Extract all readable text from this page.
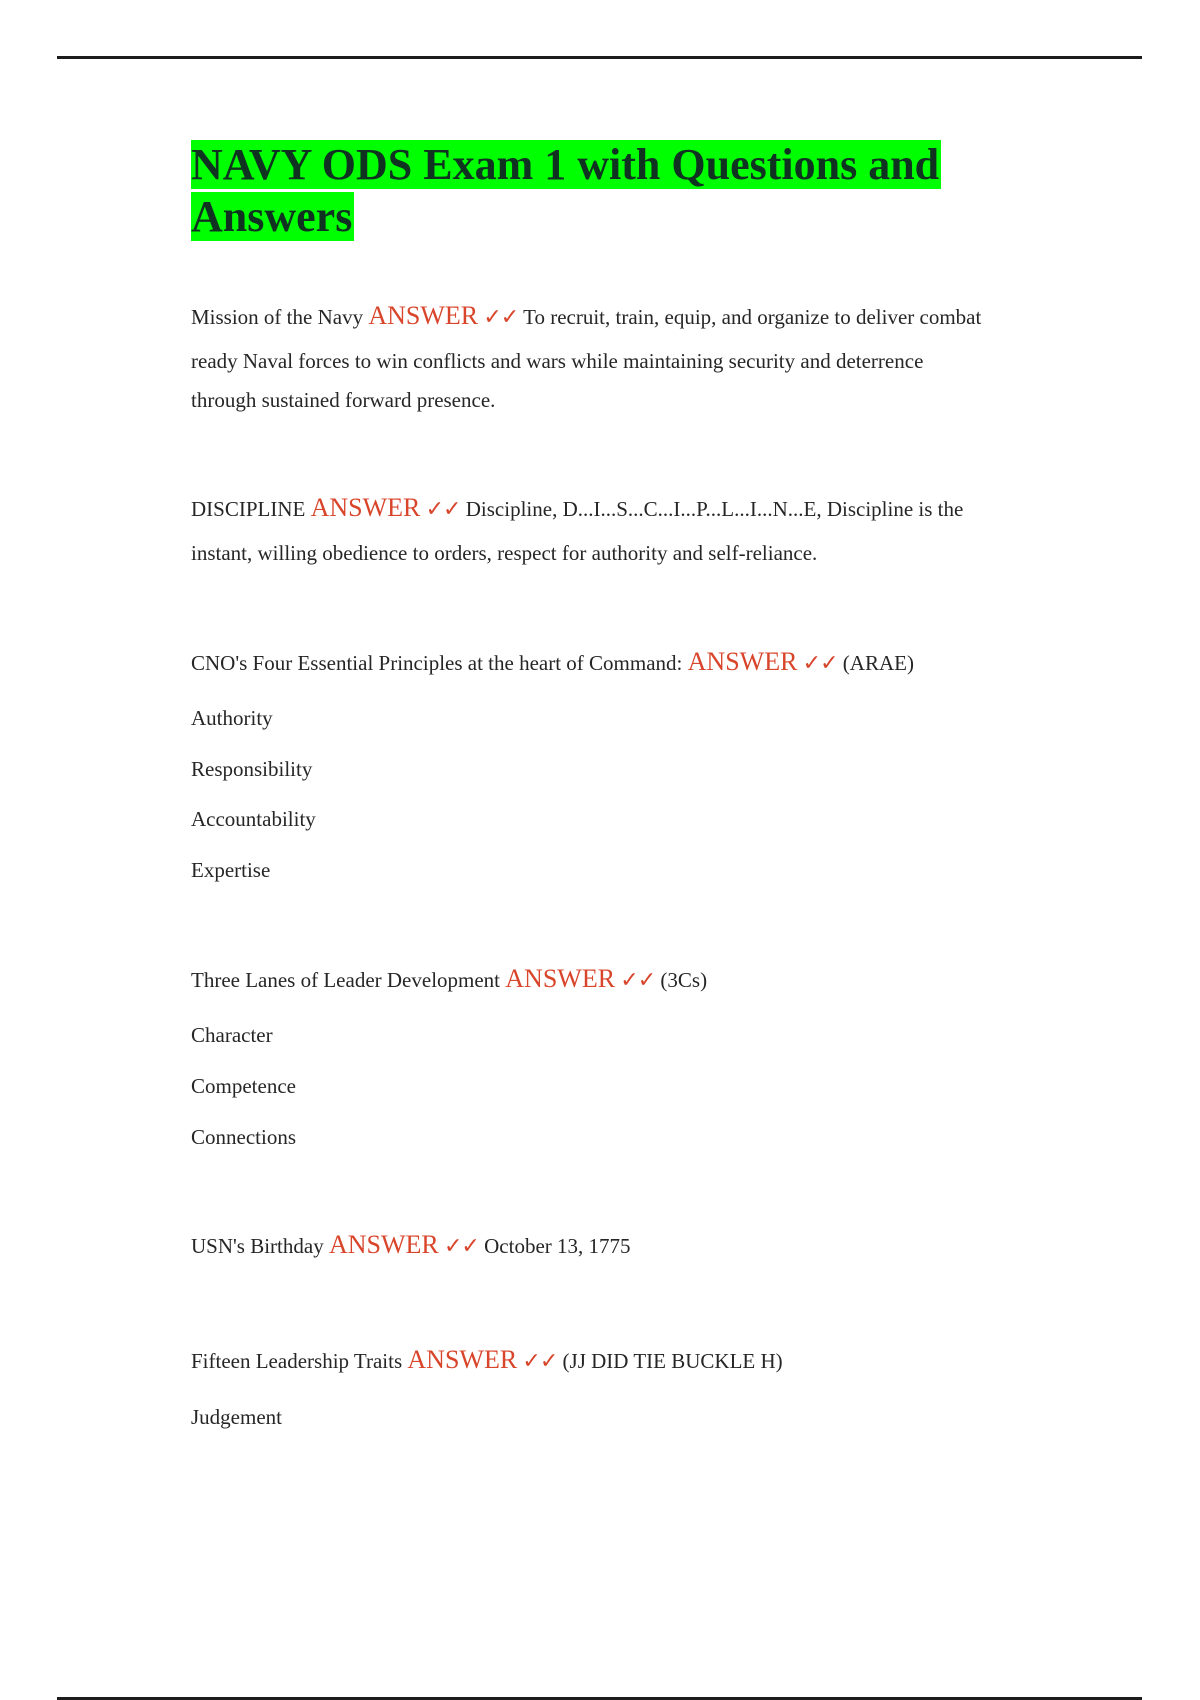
NAVY ODS Exam 1 with Questions and
Answers
Mission of the Navy ANSWER ✓✓ To recruit, train, equip, and organize to deliver combat
ready Naval forces to win conflicts and wars while maintaining security and deterrence
through sustained forward presence.
DISCIPLINE ANSWER ✓✓ Discipline, D...I...S...C...I...P...L...I...N...E, Discipline is the
instant, willing obedience to orders, respect for authority and self-reliance.
CNO's Four Essential Principles at the heart of Command: ANSWER ✓✓ (ARAE)
Authority
Responsibility
Accountability
Expertise
Three Lanes of Leader Development ANSWER ✓✓ (3Cs)
Character
Competence
Connections
USN's Birthday ANSWER ✓✓ October 13, 1775
Fifteen Leadership Traits ANSWER ✓✓ (JJ DID TIE BUCKLE H)
Judgement
